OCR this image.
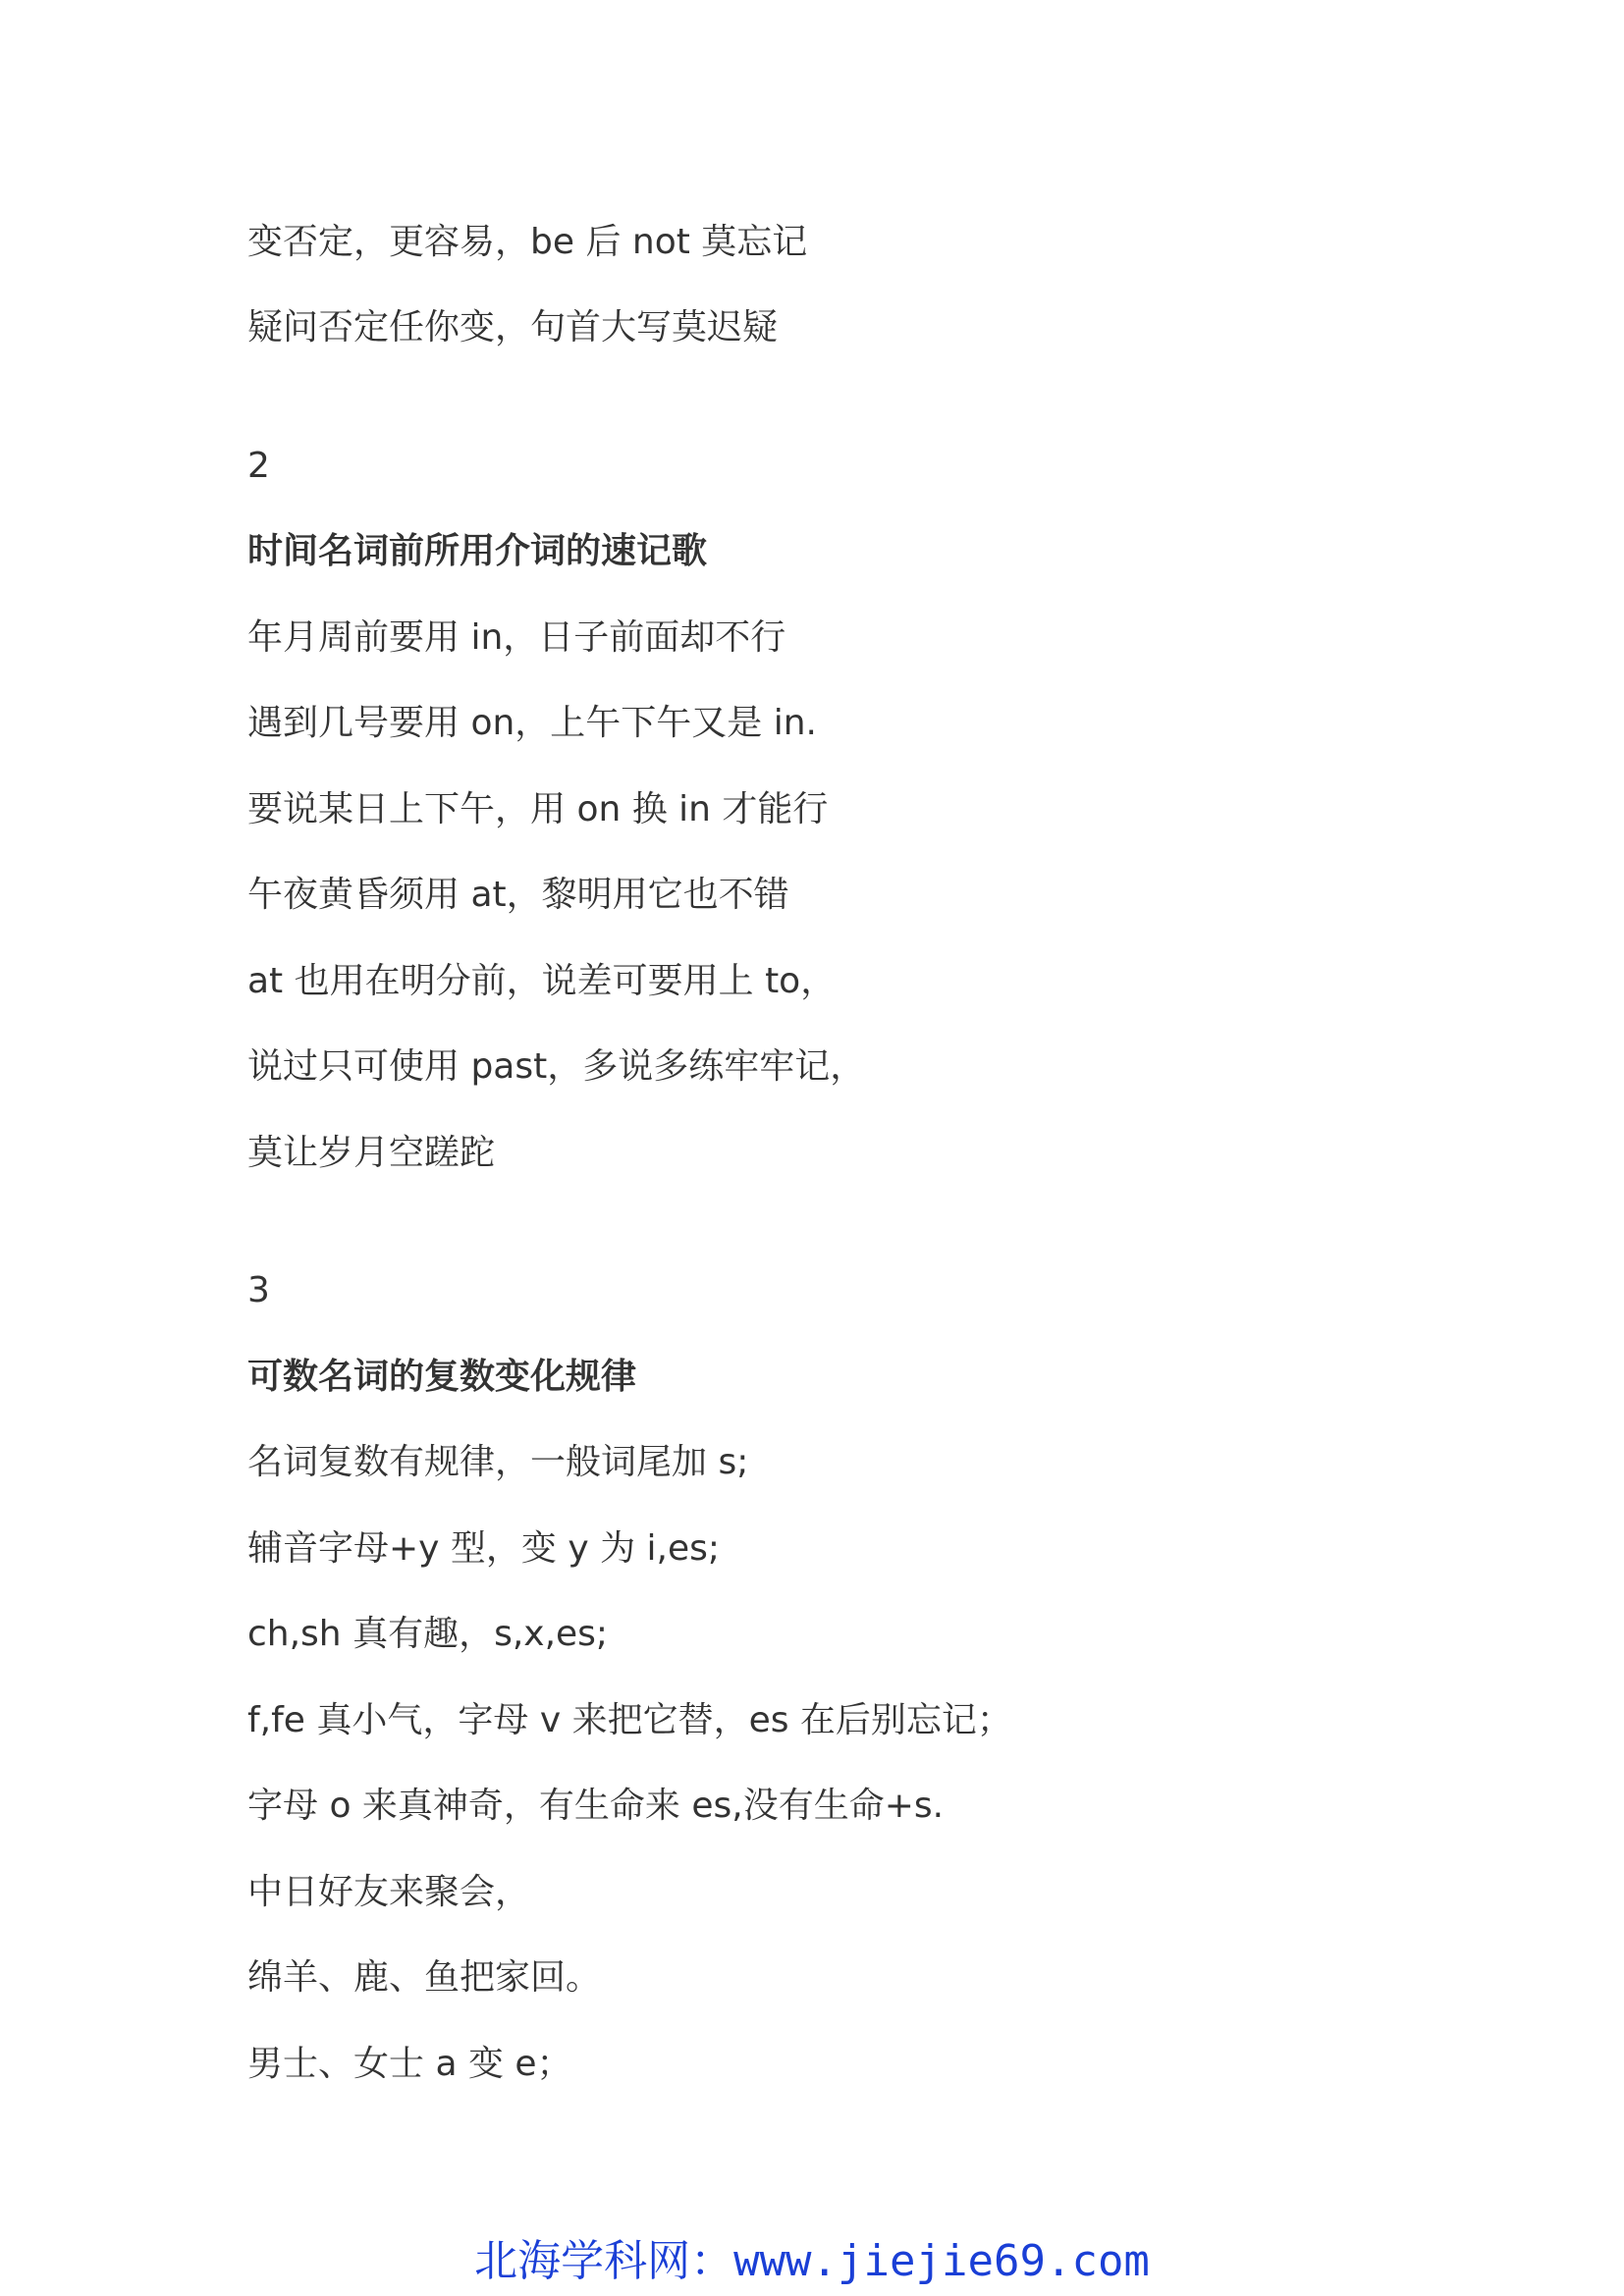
变否定，更容易，be 后 not 莫忘记
疑问否定任你变，句首大写莫迟疑
2
时间名词前所用介词的速记歌
年月周前要用 in，日子前面却不行
遇到几号要用 on，上午下午又是 in.
要说某日上下午，用 on 换 in 才能行
午夜黄昏须用 at，黎明用它也不错
at 也用在明分前，说差可要用上 to，
说过只可使用 past，多说多练牢牢记，
莫让岁月空蹉跎
3
可数名词的复数变化规律
名词复数有规律，一般词尾加 s;
辅音字母+y 型，变 y 为 i,es;
ch,sh 真有趣，s,x,es;
f,fe 真小气，字母 v 来把它替，es 在后别忘记；
字母 o 来真神奇，有生命来 es,没有生命+s.
中日好友来聚会，
绵羊、鹿、鱼把家回。
男士、女士 a 变 e；
北海学科网：www.jiejie69.com
